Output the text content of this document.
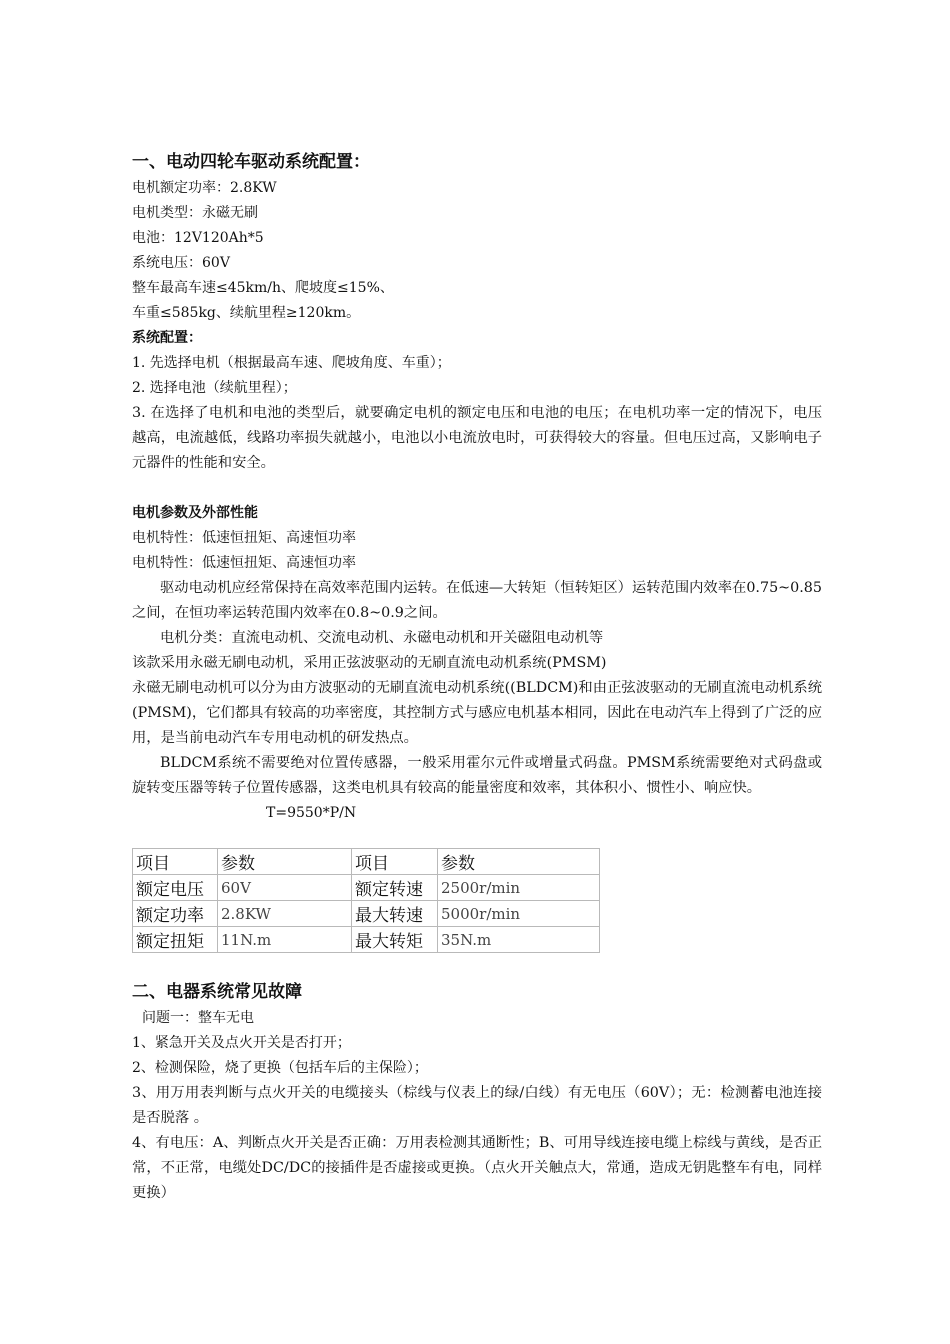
一、电动四轮车驱动系统配置：
电机额定功率：2.8KW
电机类型：永磁无刷
电池：12V120Ah*5
系统电压：60V
整车最高车速≤45km/h、爬坡度≤15%、
车重≤585kg、续航里程≥120km。
系统配置：
1. 先选择电机（根据最高车速、爬坡角度、车重）；
2. 选择电池（续航里程）；
3. 在选择了电机和电池的类型后，就要确定电机的额定电压和电池的电压；在电机功率一定的情况下，电压越高，电流越低，线路功率损失就越小，电池以小电流放电时，可获得较大的容量。但电压过高，又影响电子元器件的性能和安全。
电机参数及外部性能
电机特性：低速恒扭矩、高速恒功率
电机特性：低速恒扭矩、高速恒功率
驱动电动机应经常保持在高效率范围内运转。在低速—大转矩（恒转矩区）运转范围内效率在0.75~0.85之间，在恒功率运转范围内效率在0.8~0.9之间。
电机分类：直流电动机、交流电动机、永磁电动机和开关磁阻电动机等
该款采用永磁无刷电动机，采用正弦波驱动的无刷直流电动机系统(PMSM)
永磁无刷电动机可以分为由方波驱动的无刷直流电动机系统((BLDCM)和由正弦波驱动的无刷直流电动机系统(PMSM)，它们都具有较高的功率密度，其控制方式与感应电机基本相同，因此在电动汽车上得到了广泛的应用，是当前电动汽车专用电动机的研发热点。
BLDCM系统不需要绝对位置传感器，一般采用霍尔元件或增量式码盘。PMSM系统需要绝对式码盘或旋转变压器等转子位置传感器，这类电机具有较高的能量密度和效率，其体积小、惯性小、响应快。
T=9550*P/N
项目	参数	项目	参数
额定电压	60V	额定转速	2500r/min
额定功率	2.8KW	最大转速	5000r/min
额定扭矩	11N.m	最大转矩	35N.m
二、电器系统常见故障
问题一：整车无电
1、紧急开关及点火开关是否打开；
2、检测保险，烧了更换（包括车后的主保险）；
3、用万用表判断与点火开关的电缆接头（棕线与仪表上的绿/白线）有无电压（60V）；无：检测蓄电池连接是否脱落 。
4、有电压：A、判断点火开关是否正确：万用表检测其通断性；B、可用导线连接电缆上棕线与黄线，是否正常，不正常，电缆处DC/DC的接插件是否虚接或更换。（点火开关触点大，常通，造成无钥匙整车有电，同样更换）
